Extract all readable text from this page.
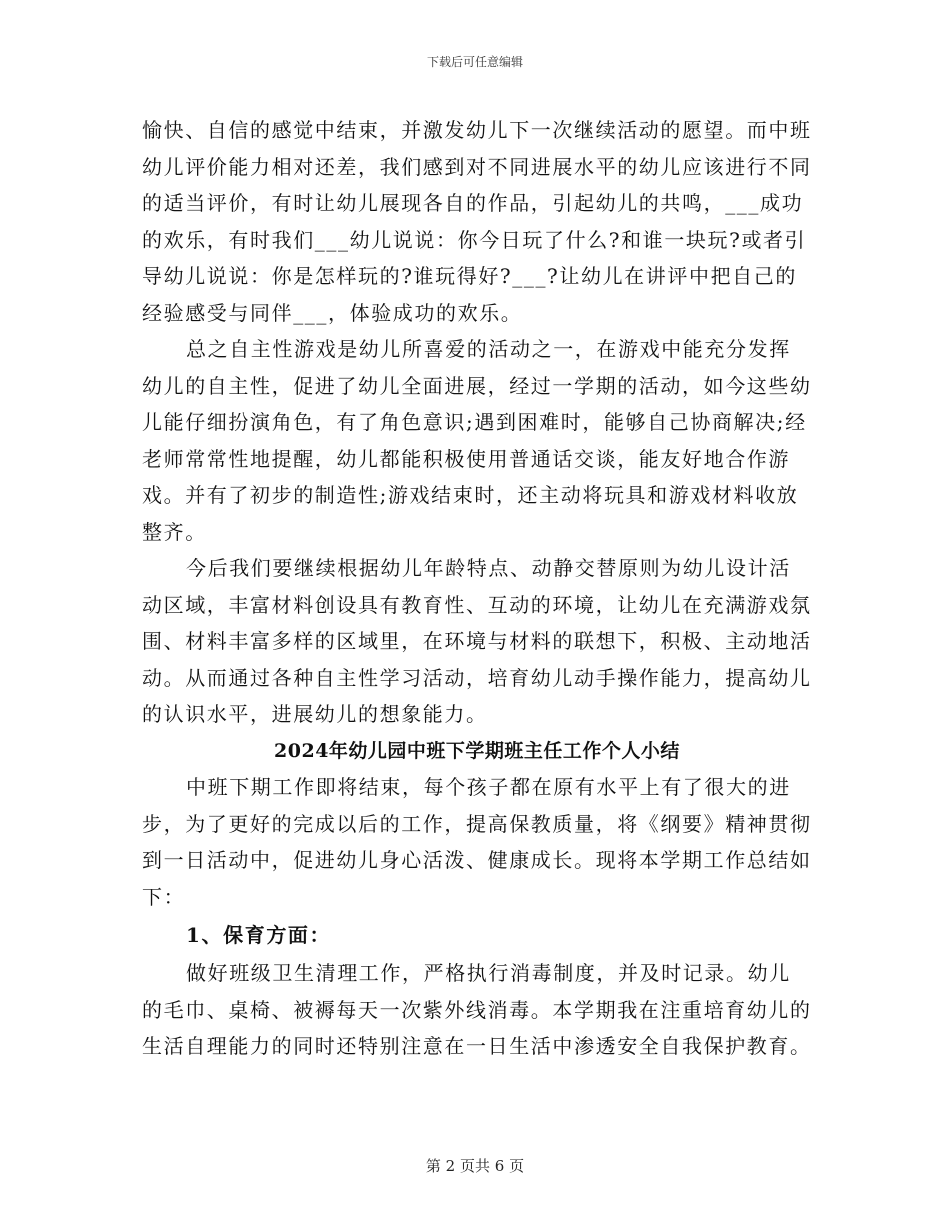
下载后可任意编辑

愉快、自信的感觉中结束，并激发幼儿下一次继续活动的愿望。而中班幼儿评价能力相对还差，我们感到对不同进展水平的幼儿应该进行不同的适当评价，有时让幼儿展现各自的作品，引起幼儿的共鸣，___成功的欢乐，有时我们___幼儿说说：你今日玩了什么?和谁一块玩?或者引导幼儿说说：你是怎样玩的?谁玩得好?___?让幼儿在讲评中把自己的经验感受与同伴___，体验成功的欢乐。

总之自主性游戏是幼儿所喜爱的活动之一，在游戏中能充分发挥幼儿的自主性，促进了幼儿全面进展，经过一学期的活动，如今这些幼儿能仔细扮演角色，有了角色意识;遇到困难时，能够自己协商解决;经老师常常性地提醒，幼儿都能积极使用普通话交谈，能友好地合作游戏。并有了初步的制造性;游戏结束时，还主动将玩具和游戏材料收放整齐。

今后我们要继续根据幼儿年龄特点、动静交替原则为幼儿设计活动区域，丰富材料创设具有教育性、互动的环境，让幼儿在充满游戏氛围、材料丰富多样的区域里，在环境与材料的联想下，积极、主动地活动。从而通过各种自主性学习活动，培育幼儿动手操作能力，提高幼儿的认识水平，进展幼儿的想象能力。

2024年幼儿园中班下学期班主任工作个人小结

中班下期工作即将结束，每个孩子都在原有水平上有了很大的进步，为了更好的完成以后的工作，提高保教质量，将《纲要》精神贯彻到一日活动中，促进幼儿身心活泼、健康成长。现将本学期工作总结如下：

1、保育方面：

做好班级卫生清理工作，严格执行消毒制度，并及时记录。幼儿的毛巾、桌椅、被褥每天一次紫外线消毒。本学期我在注重培育幼儿的生活自理能力的同时还特别注意在一日生活中渗透安全自我保护教育。

第 2 页共 6 页
